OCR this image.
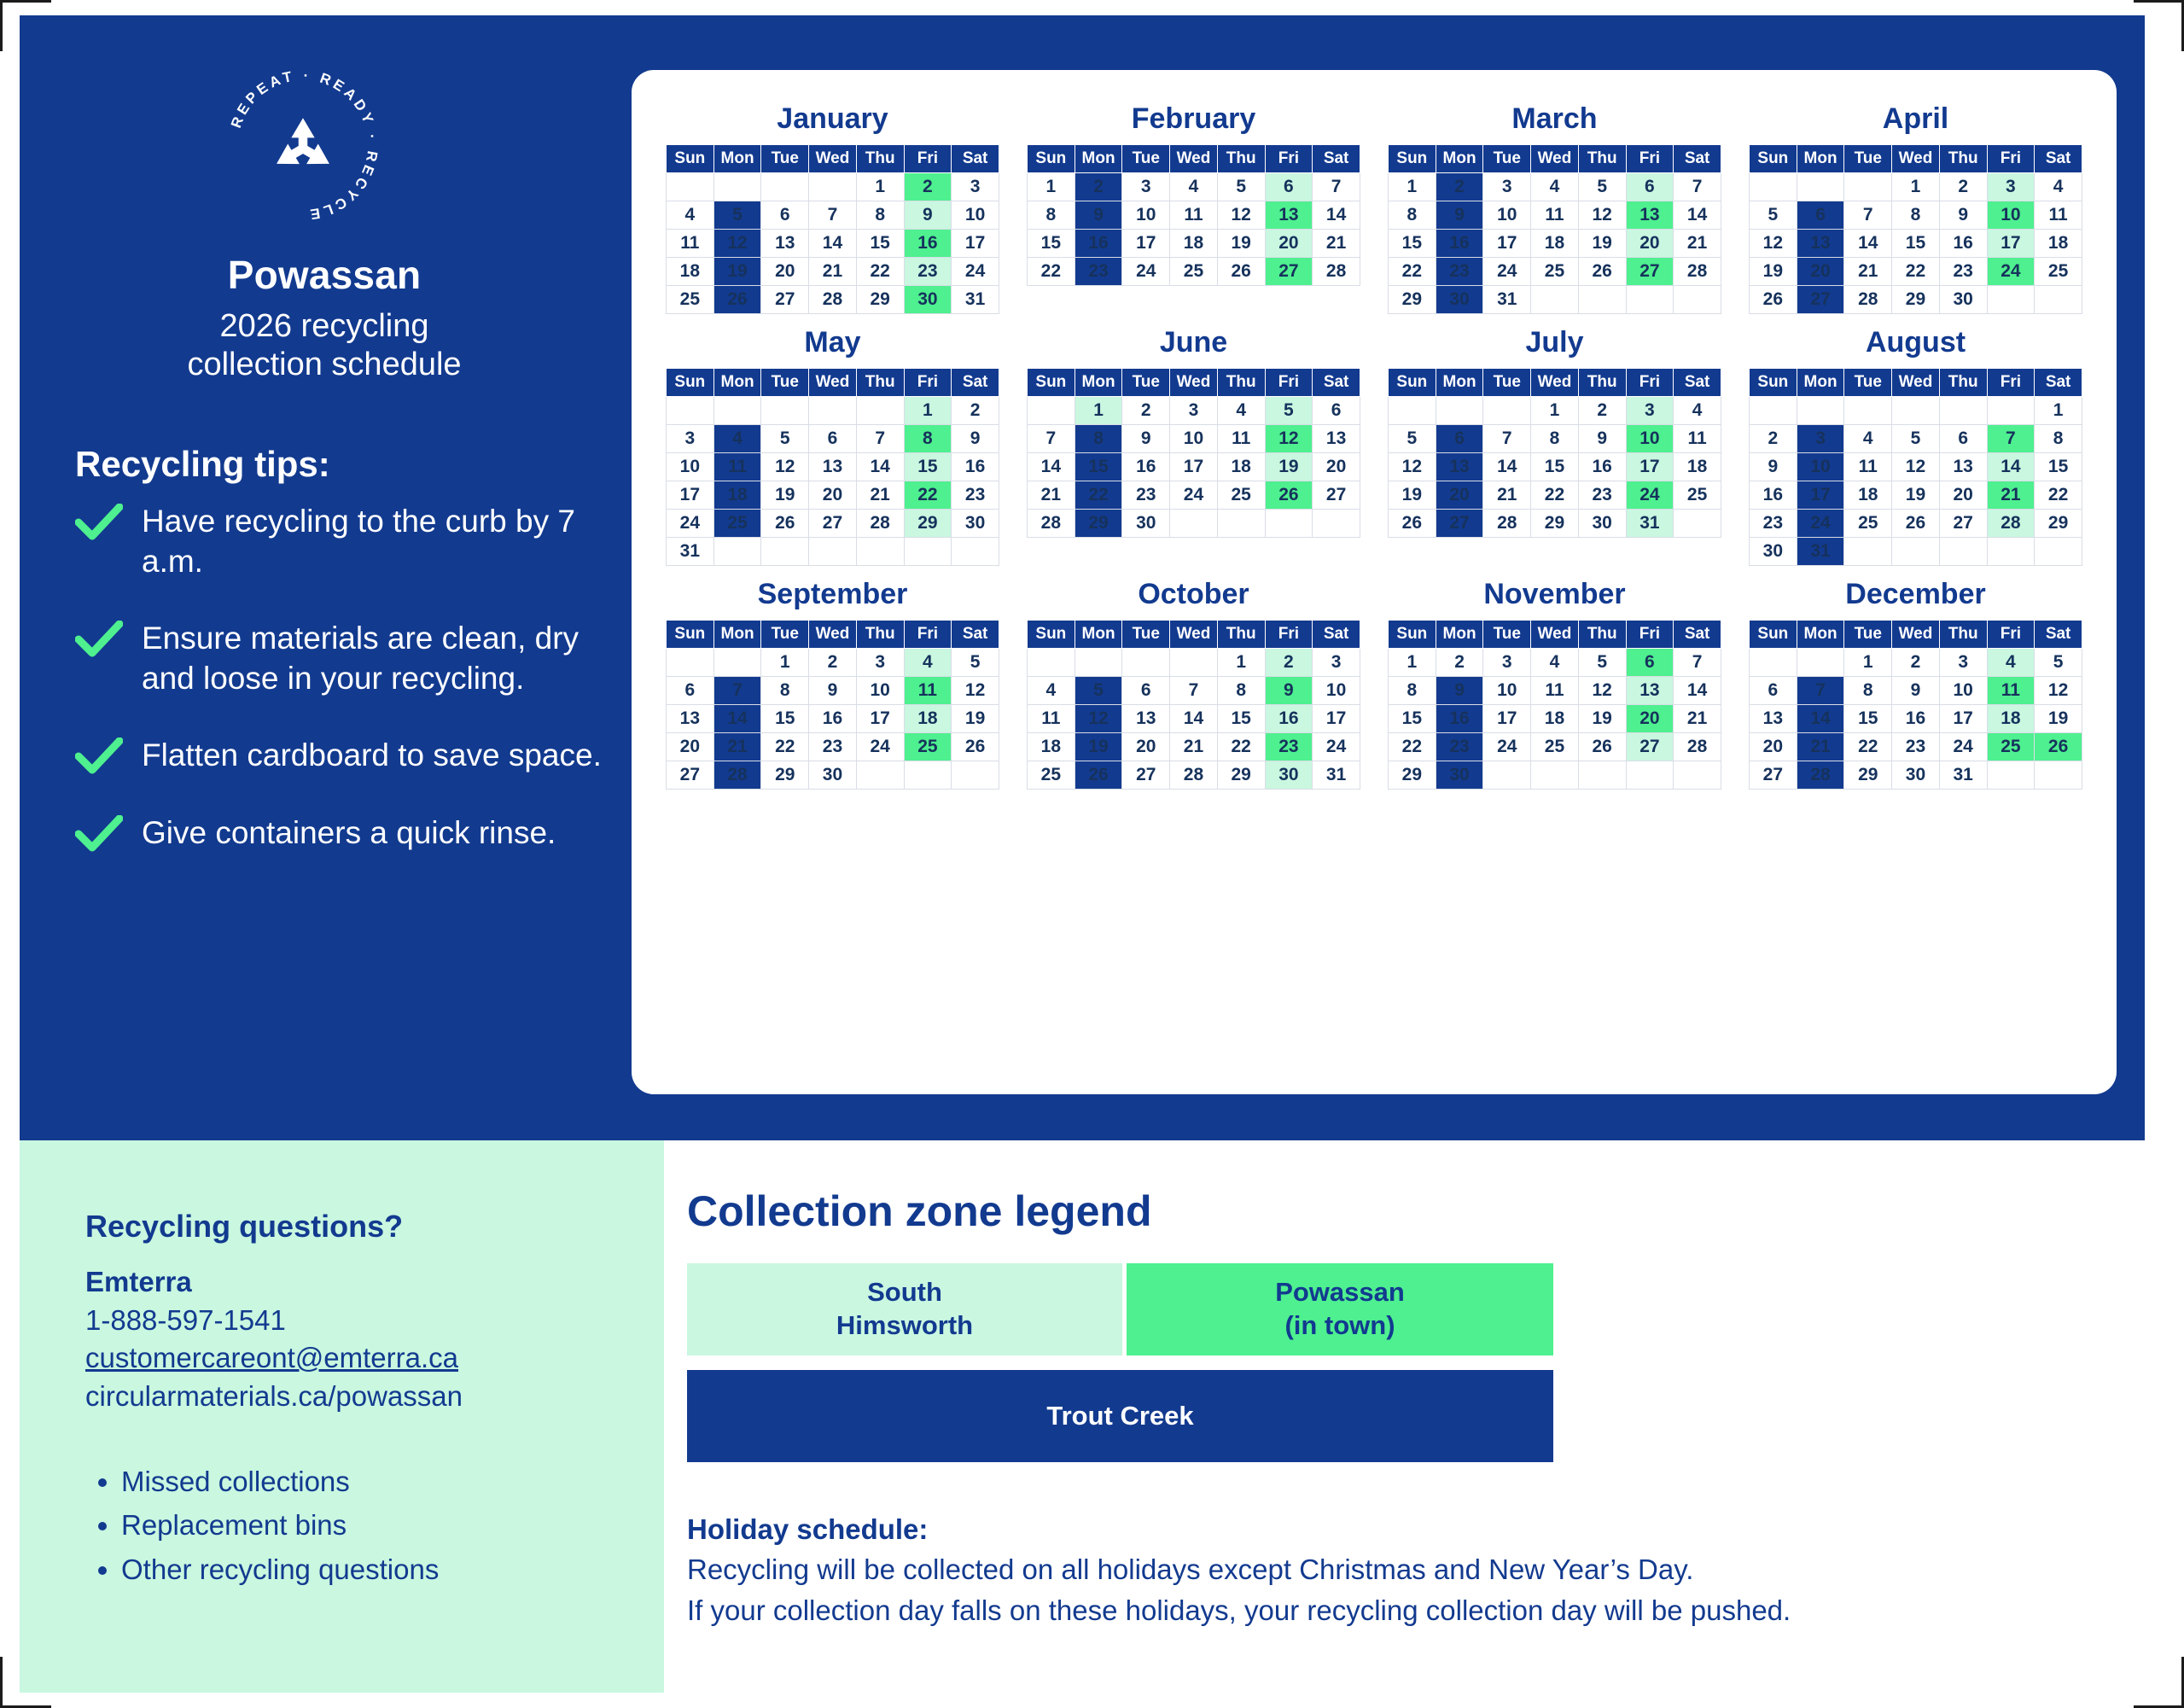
REPEAT · READY · RECYCLE
Powassan
2026 recycling
collection schedule
Recycling tips:
Have recycling to the curb by 7 a.m.
Ensure materials are clean, dry and loose in your recycling.
Flatten cardboard to save space.
Give containers a quick rinse.
January
Sun	Mon	Tue	Wed	Thu	Fri	Sat
				1	2	3
4	5	6	7	8	9	10
11	12	13	14	15	16	17
18	19	20	21	22	23	24
25	26	27	28	29	30	31
February
Sun	Mon	Tue	Wed	Thu	Fri	Sat
1	2	3	4	5	6	7
8	9	10	11	12	13	14
15	16	17	18	19	20	21
22	23	24	25	26	27	28
March
Sun	Mon	Tue	Wed	Thu	Fri	Sat
1	2	3	4	5	6	7
8	9	10	11	12	13	14
15	16	17	18	19	20	21
22	23	24	25	26	27	28
29	30	31				
April
Sun	Mon	Tue	Wed	Thu	Fri	Sat
			1	2	3	4
5	6	7	8	9	10	11
12	13	14	15	16	17	18
19	20	21	22	23	24	25
26	27	28	29	30		
May
Sun	Mon	Tue	Wed	Thu	Fri	Sat
					1	2
3	4	5	6	7	8	9
10	11	12	13	14	15	16
17	18	19	20	21	22	23
24	25	26	27	28	29	30
31						
June
Sun	Mon	Tue	Wed	Thu	Fri	Sat
	1	2	3	4	5	6
7	8	9	10	11	12	13
14	15	16	17	18	19	20
21	22	23	24	25	26	27
28	29	30				
July
Sun	Mon	Tue	Wed	Thu	Fri	Sat
			1	2	3	4
5	6	7	8	9	10	11
12	13	14	15	16	17	18
19	20	21	22	23	24	25
26	27	28	29	30	31	
August
Sun	Mon	Tue	Wed	Thu	Fri	Sat
						1
2	3	4	5	6	7	8
9	10	11	12	13	14	15
16	17	18	19	20	21	22
23	24	25	26	27	28	29
30	31					
September
Sun	Mon	Tue	Wed	Thu	Fri	Sat
		1	2	3	4	5
6	7	8	9	10	11	12
13	14	15	16	17	18	19
20	21	22	23	24	25	26
27	28	29	30			
October
Sun	Mon	Tue	Wed	Thu	Fri	Sat
				1	2	3
4	5	6	7	8	9	10
11	12	13	14	15	16	17
18	19	20	21	22	23	24
25	26	27	28	29	30	31
November
Sun	Mon	Tue	Wed	Thu	Fri	Sat
1	2	3	4	5	6	7
8	9	10	11	12	13	14
15	16	17	18	19	20	21
22	23	24	25	26	27	28
29	30					
December
Sun	Mon	Tue	Wed	Thu	Fri	Sat
		1	2	3	4	5
6	7	8	9	10	11	12
13	14	15	16	17	18	19
20	21	22	23	24	25	26
27	28	29	30	31		
Recycling questions?
Emterra
1-888-597-1541
customercareont@emterra.ca
circularmaterials.ca/powassan
• Missed collections
• Replacement bins
• Other recycling questions
Collection zone legend
South
Himsworth
Powassan
(in town)
Trout Creek
Holiday schedule:
Recycling will be collected on all holidays except Christmas and New Year’s Day.
If your collection day falls on these holidays, your recycling collection day will be pushed.
